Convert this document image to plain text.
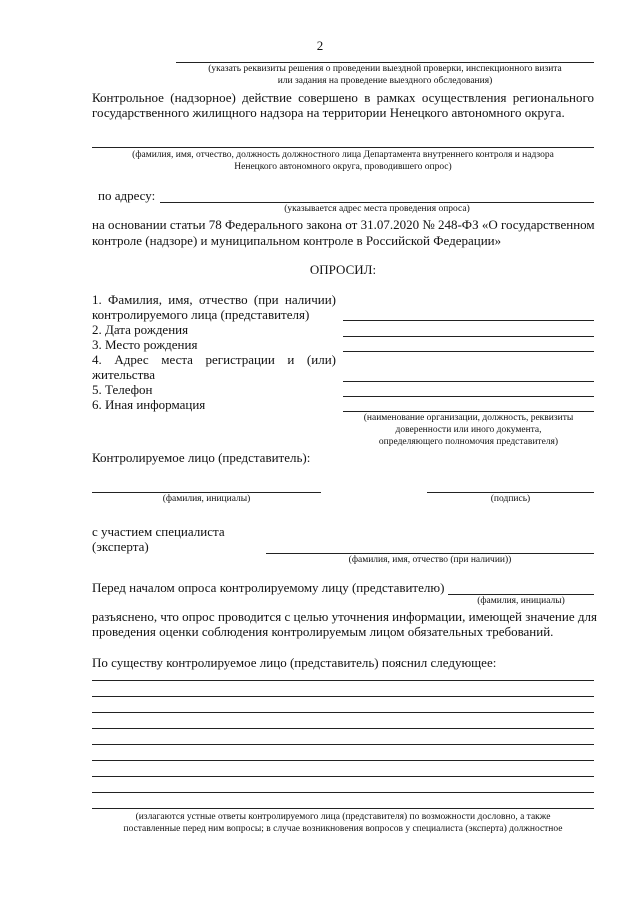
2
(указать реквизиты решения о проведении выездной проверки, инспекционного визита
или задания на проведение выездного обследования)
Контрольное (надзорное) действие совершено в рамках осуществления регионального
государственного жилищного надзора на территории Ненецкого автономного округа.
(фамилия, имя, отчество, должность должностного лица Департамента внутреннего контроля и надзора
Ненецкого автономного округа, проводившего опрос)
по адресу:
(указывается адрес места проведения опроса)
на основании статьи 78 Федерального закона от 31.07.2020 № 248-ФЗ «О государственном
контроле (надзоре) и муниципальном контроле в Российской Федерации»
ОПРОСИЛ:
1. Фамилия, имя, отчество (при наличии)
контролируемого лица (представителя)
2. Дата рождения
3. Место рождения
4. Адрес места регистрации и (или)
жительства
5. Телефон
6. Иная информация
(наименование организации, должность, реквизиты
доверенности или иного документа,
определяющего полномочия представителя)
Контролируемое лицо (представитель):
(фамилия, инициалы)	(подпись)
с участием специалиста
(эксперта)
(фамилия, имя, отчество (при наличии))
Перед началом опроса контролируемому лицу (представителю)
(фамилия, инициалы)
разъяснено, что опрос проводится с целью уточнения информации, имеющей значение для
проведения оценки соблюдения контролируемым лицом обязательных требований.
По существу контролируемое лицо (представитель) пояснил следующее:
(излагаются устные ответы контролируемого лица (представителя) по возможности дословно, а также
поставленные перед ним вопросы; в случае возникновения вопросов у специалиста (эксперта) должностное
